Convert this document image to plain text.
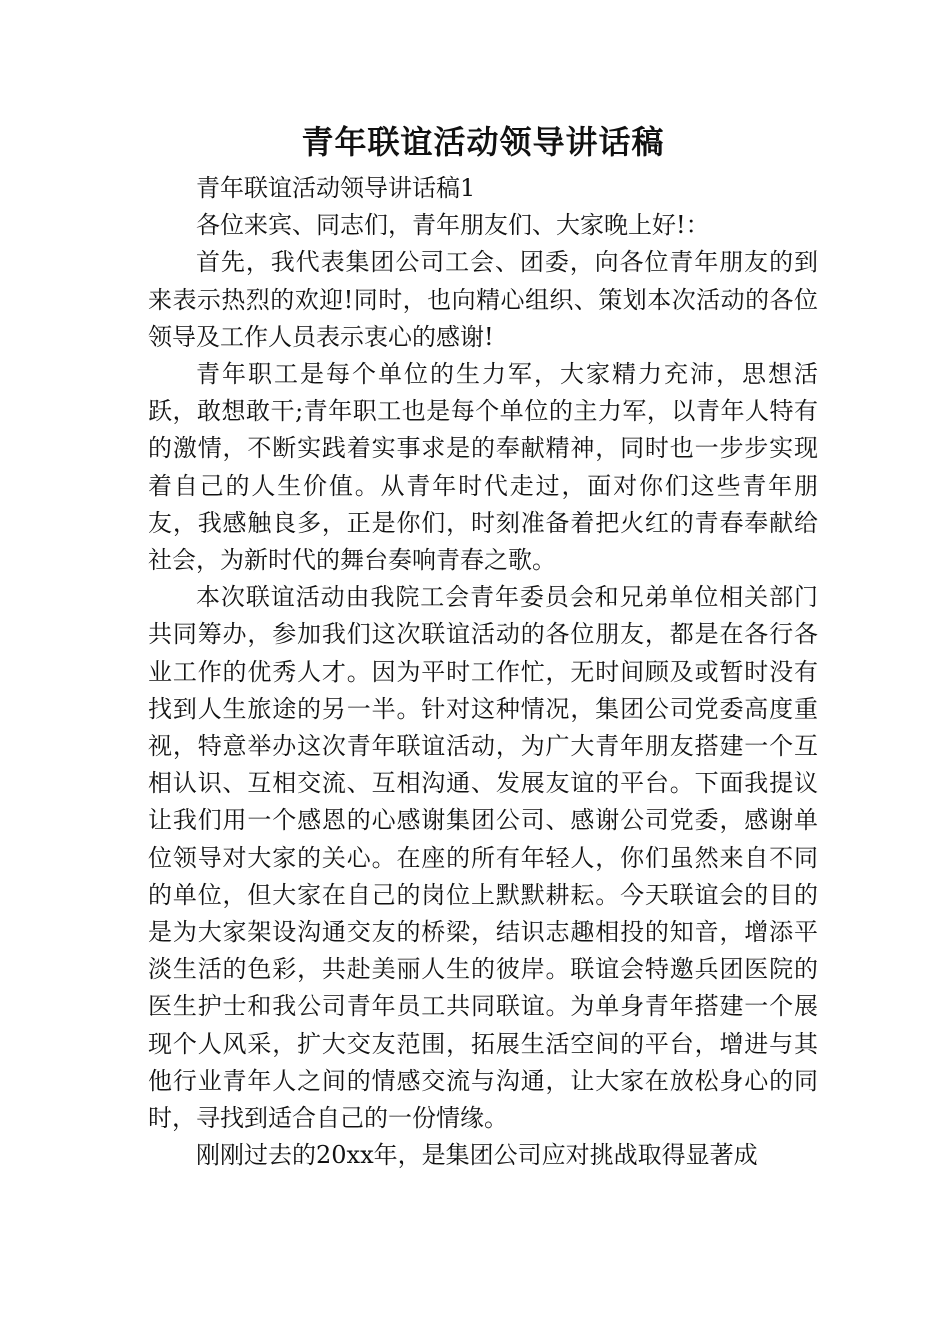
青年联谊活动领导讲话稿

青年联谊活动领导讲话稿1

各位来宾、同志们，青年朋友们、大家晚上好!：

首先，我代表集团公司工会、团委，向各位青年朋友的到来表示热烈的欢迎!同时，也向精心组织、策划本次活动的各位领导及工作人员表示衷心的感谢!

青年职工是每个单位的生力军，大家精力充沛，思想活跃，敢想敢干;青年职工也是每个单位的主力军，以青年人特有的激情，不断实践着实事求是的奉献精神，同时也一步步实现着自己的人生价值。从青年时代走过，面对你们这些青年朋友，我感触良多，正是你们，时刻准备着把火红的青春奉献给社会，为新时代的舞台奏响青春之歌。

本次联谊活动由我院工会青年委员会和兄弟单位相关部门共同筹办，参加我们这次联谊活动的各位朋友，都是在各行各业工作的优秀人才。因为平时工作忙，无时间顾及或暂时没有找到人生旅途的另一半。针对这种情况，集团公司党委高度重视，特意举办这次青年联谊活动，为广大青年朋友搭建一个互相认识、互相交流、互相沟通、发展友谊的平台。下面我提议让我们用一个感恩的心感谢集团公司、感谢公司党委，感谢单位领导对大家的关心。在座的所有年轻人，你们虽然来自不同的单位，但大家在自己的岗位上默默耕耘。今天联谊会的目的是为大家架设沟通交友的桥梁，结识志趣相投的知音，增添平淡生活的色彩，共赴美丽人生的彼岸。联谊会特邀兵团医院的医生护士和我公司青年员工共同联谊。为单身青年搭建一个展现个人风采，扩大交友范围，拓展生活空间的平台，增进与其他行业青年人之间的情感交流与沟通，让大家在放松身心的同时，寻找到适合自己的一份情缘。

刚刚过去的20xx年，是集团公司应对挑战取得显著成
